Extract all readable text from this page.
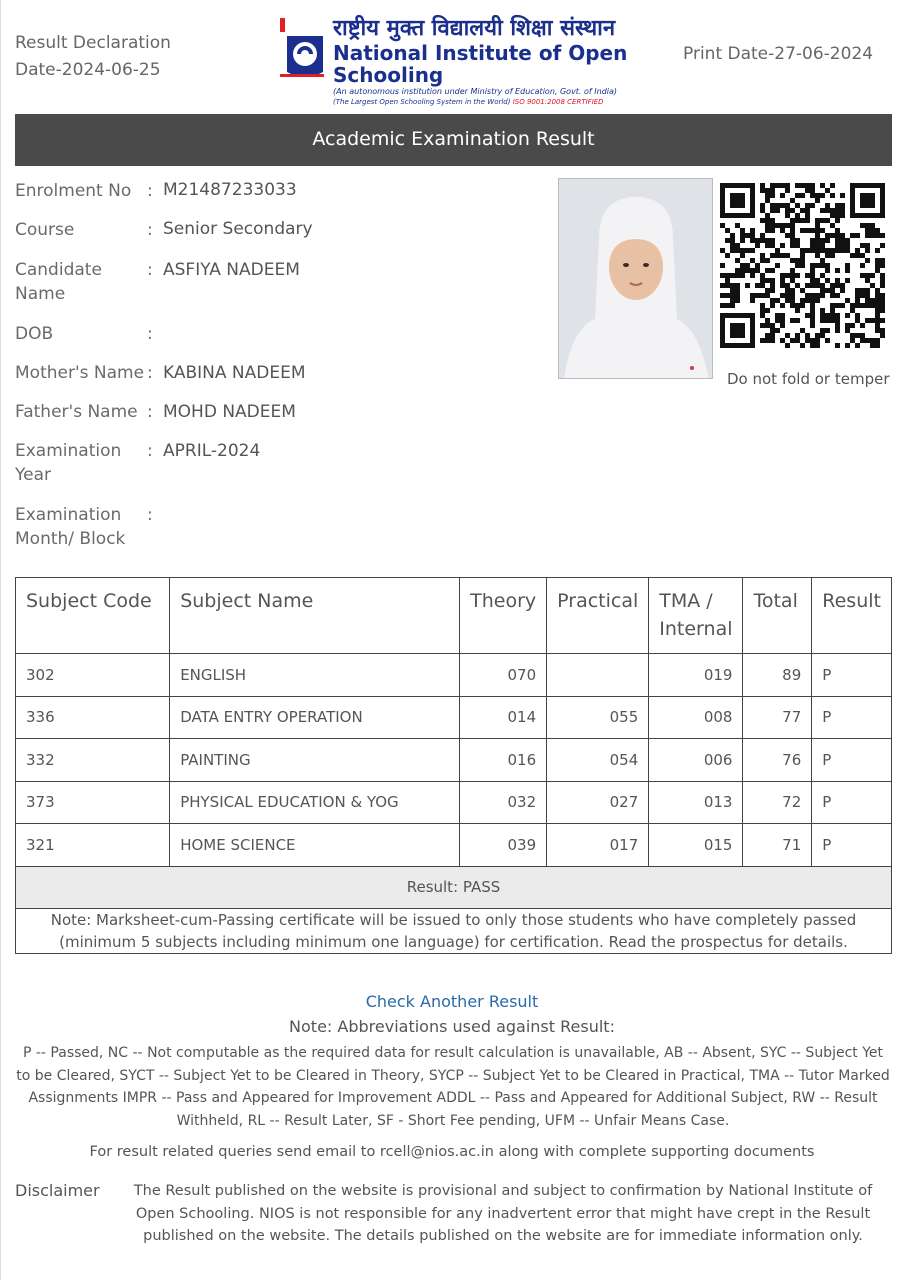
Result Declaration
Date-2024-06-25
राष्ट्रीय मुक्त विद्यालयी शिक्षा संस्थान
National Institute of Open Schooling
(An autonomous institution under Ministry of Education, Govt. of India)
(The Largest Open Schooling System in the World) ISO 9001:2008 CERTIFIED
Print Date-27-06-2024
Academic Examination Result
Enrolment No : M21487233033
Course	: Senior Secondary
Candidate Name
: ASFIYA NADEEM
DOB	:
Mother's Name : KABINA NADEEM
Father's Name : MOHD NADEEM
Examination Year
: APRIL-2024
Examination Month/ Block
:
Do not fold or temper
Subject Code	Subject Name	Theory	Practical	TMA / Internal	Total	Result
302	ENGLISH	070		019	89	P
336	DATA ENTRY OPERATION	014	055	008	77	P
332	PAINTING	016	054	006	76	P
373	PHYSICAL EDUCATION & YOG	032	027	013	72	P
321	HOME SCIENCE	039	017	015	71	P
Result: PASS						
Note: Marksheet-cum-Passing certificate will be issued to only those students who have completely passed (minimum 5 subjects including minimum one language) for certification. Read the prospectus for details.						
Check Another Result
Note: Abbreviations used against Result:
P -- Passed, NC -- Not computable as the required data for result calculation is unavailable, AB -- Absent, SYC -- Subject Yet to be Cleared, SYCT -- Subject Yet to be Cleared in Theory, SYCP -- Subject Yet to be Cleared in Practical, TMA -- Tutor Marked Assignments IMPR -- Pass and Appeared for Improvement ADDL -- Pass and Appeared for Additional Subject, RW -- Result Withheld, RL -- Result Later, SF - Short Fee pending, UFM -- Unfair Means Case.
For result related queries send email to rcell@nios.ac.in along with complete supporting documents
Disclaimer	The Result published on the website is provisional and subject to confirmation by National Institute of Open Schooling. NIOS is not responsible for any inadvertent error that might have crept in the Result published on the website. The details published on the website are for immediate information only.
